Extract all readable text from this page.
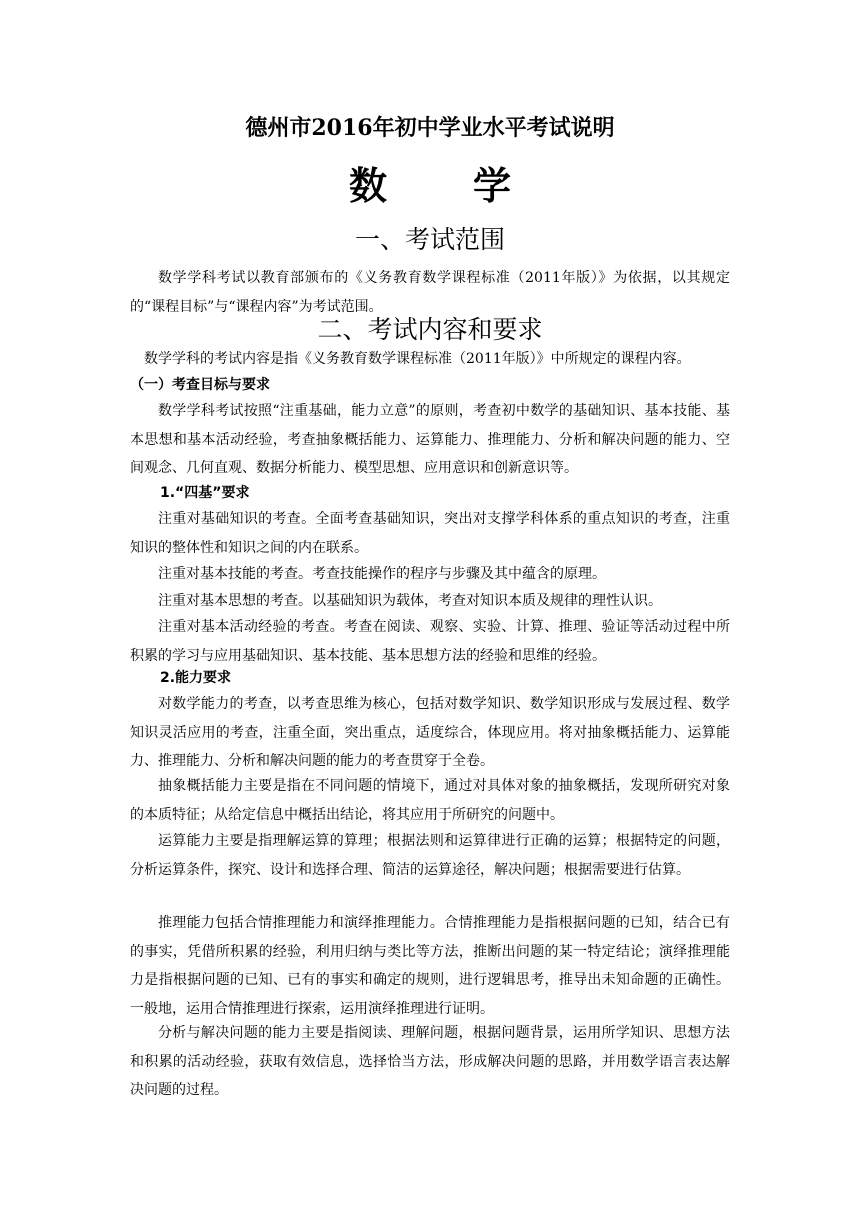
德州市2016年初中学业水平考试说明
数 学
一、考试范围
数学学科考试以教育部颁布的《义务教育数学课程标准（2011年版）》为依据，以其规定的“课程目标”与“课程内容”为考试范围。
二、考试内容和要求
数学学科的考试内容是指《义务教育数学课程标准（2011年版）》中所规定的课程内容。
（一）考查目标与要求
数学学科考试按照“注重基础，能力立意”的原则，考查初中数学的基础知识、基本技能、基本思想和基本活动经验，考查抽象概括能力、运算能力、推理能力、分析和解决问题的能力、空间观念、几何直观、数据分析能力、模型思想、应用意识和创新意识等。
1.“四基”要求
注重对基础知识的考查。全面考查基础知识，突出对支撑学科体系的重点知识的考查，注重知识的整体性和知识之间的内在联系。
注重对基本技能的考查。考查技能操作的程序与步骤及其中蕴含的原理。
注重对基本思想的考查。以基础知识为载体，考查对知识本质及规律的理性认识。
注重对基本活动经验的考查。考查在阅读、观察、实验、计算、推理、验证等活动过程中所积累的学习与应用基础知识、基本技能、基本思想方法的经验和思维的经验。
2.能力要求
对数学能力的考查，以考查思维为核心，包括对数学知识、数学知识形成与发展过程、数学知识灵活应用的考查，注重全面，突出重点，适度综合，体现应用。将对抽象概括能力、运算能力、推理能力、分析和解决问题的能力的考查贯穿于全卷。
抽象概括能力主要是指在不同问题的情境下，通过对具体对象的抽象概括，发现所研究对象的本质特征；从给定信息中概括出结论，将其应用于所研究的问题中。
运算能力主要是指理解运算的算理；根据法则和运算律进行正确的运算；根据特定的问题，分析运算条件，探究、设计和选择合理、简洁的运算途径，解决问题；根据需要进行估算。
推理能力包括合情推理能力和演绎推理能力。合情推理能力是指根据问题的已知，结合已有的事实，凭借所积累的经验，利用归纳与类比等方法，推断出问题的某一特定结论；演绎推理能力是指根据问题的已知、已有的事实和确定的规则，进行逻辑思考，推导出未知命题的正确性。一般地，运用合情推理进行探索，运用演绎推理进行证明。
分析与解决问题的能力主要是指阅读、理解问题，根据问题背景，运用所学知识、思想方法和积累的活动经验，获取有效信息，选择恰当方法，形成解决问题的思路，并用数学语言表达解决问题的过程。
